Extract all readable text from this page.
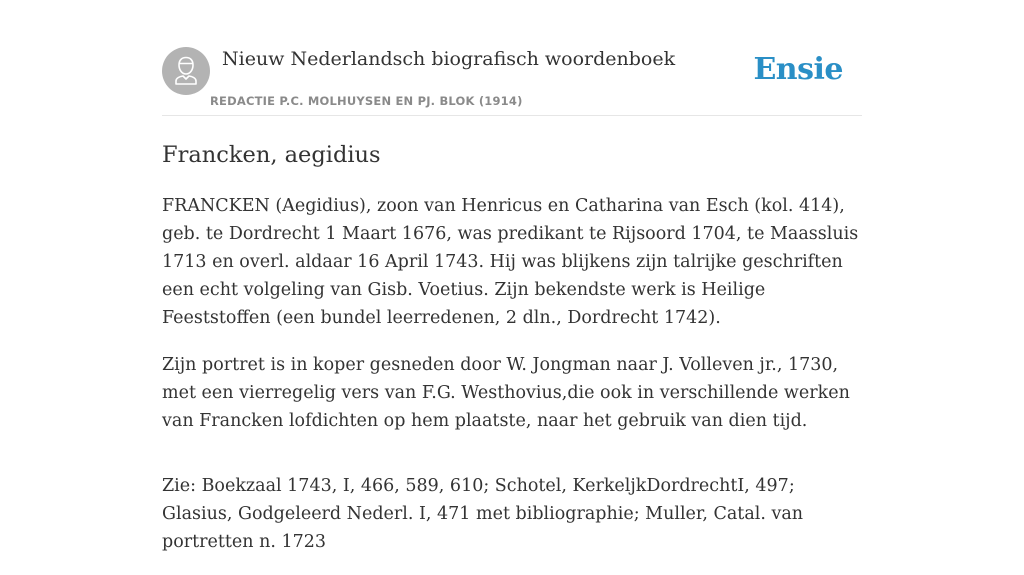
Nieuw Nederlandsch biografisch woordenboek
REDACTIE P.C. MOLHUYSEN EN PJ. BLOK (1914)
Ensie
Francken, aegidius

FRANCKEN (Aegidius), zoon van Henricus en Catharina van Esch (kol. 414), geb. te Dordrecht 1 Maart 1676, was predikant te Rijsoord 1704, te Maassluis 1713 en overl. aldaar 16 April 1743. Hij was blijkens zijn talrijke geschriften een echt volgeling van Gisb. Voetius. Zijn bekendste werk is Heilige Feeststoffen (een bundel leerredenen, 2 dln., Dordrecht 1742).

Zijn portret is in koper gesneden door W. Jongman naar J. Volleven jr., 1730, met een vierregelig vers van F.G. Westhovius,die ook in verschillende werken van Francken lofdichten op hem plaatste, naar het gebruik van dien tijd.

Zie: Boekzaal 1743, I, 466, 589, 610; Schotel, KerkeljkDordrechtI, 497; Glasius, Godgeleerd Nederl. I, 471 met bibliographie; Muller, Catal. van portretten n. 1723
